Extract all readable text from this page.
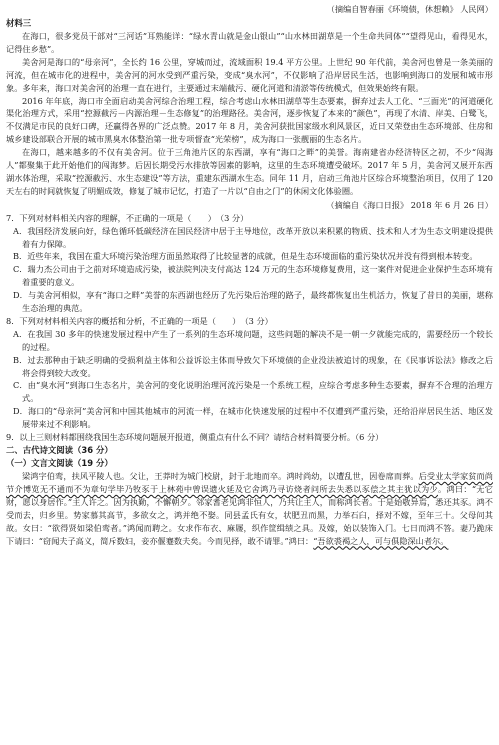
（摘编自智春丽《环境债，休想赖》 人民网）

材料三

在海口，很多党员干部对“三河话”耳熟能详：“绿水青山就是金山银山”“山水林田湖草是一个生命共同体”“望得见山，看得见水，记得住乡愁”。

美舍河是海口的“母亲河”，全长约 16 公里，穿城而过，流域面积 19.4 平方公里。上世纪 90 年代前，美舍河也曾是一条美丽的河流，但在城市化的进程中，美舍河的河水受到严重污染，变成“臭水河”，不仅影响了沿岸居民生活，也影响到海口的发展和城市形象。多年来，海口对美舍河的治理一直在进行，主要通过末端截污、硬化河道和清淤等传统模式，但效果始终有限。

2016 年年底，海口市全面启动美舍河综合治理工程，综合考虑山水林田湖草等生态要素，摒弃过去人工化、“三面光”的河道硬化 渠化治理方式，采用“控源截污－内源治理－生态修复”的治理路径。美舍河，逐步恢复了本来的“颜色”，再现了水清、岸美、白鹭飞，不仅满足市民的良好口碑，还赢得各界的广泛点赞。2017 年 8 月，美舍河获批国家级水利风景区，近日又荣登由生态环境部、住房和城乡建设部联合开展的城市黑臭水体整治第一批专项督查“光荣榜”，成为海口一张靓丽的生态名片。

在海口，越来越多的不仅有美舍河。位于三角池片区的东西湖，享有“海口之畔”的美誉。海南建省办经济特区之初，不少“闯海人”都聚集于此开始他们的闯海梦。后因长期受污水排放等因素的影响，这里的生态环境遭受破坏。2017 年 5 月，美舍河又展开东西湖水体治理，采取“控源截污、水生态建设”等方法，重建东西湖水生态。同年 11 月，启动三角池片区综合环境整治项目，仅用了 120 天左右的时间就恢复了明媚成效，修复了城市记忆，打造了一片以“自由之门”的休闲文化体验圈。

（摘编自《海口日报》 2018 年 6 月 26 日）

7．下列对材料相关内容的理解，不正确的一项是（　　）　（3 分）

A．我国经济发展向好，绿色循环低碳经济在国民经济中居于主导地位，改革开放以来积累的物质、技术和人才为生态文明建设提供着有力保障。

B．近些年来，我国在重大环境污染治理方面虽然取得了比较显著的成就，但是生态环境面临的重污染状况并没有得到根本转变。

C．瑞力杰公司由于之前对环境造成污染，被法院判决支付高达 124 万元的生态环境修复费用，这一案件对促进企业保护生态环境有着重要的意义。

D．与美舍河相似，享有“海口之畔”美誉的东西湖也经历了先污染后治理的路子，最终都恢复出生机活力，恢复了昔日的美丽，堪称生态治理的典范。

8．下列对材料相关内容的概括和分析，不正确的一项是（　　）　（3 分）

A．在我国 30 多年的快速发展过程中产生了一系列的生态环境问题，这些问题的解决不是一朝一夕就能完成的，需要经历一个较长的过程。

B．过去那种由于缺乏明确的受损利益主体和公益诉讼主体而导致欠下环境债的企业没法被追讨的现象，在《民事诉讼法》修改之后将会得到较大改变。

C．由“臭水河”到海口生态名片，美舍河的变化说明治理河流污染是一个系统工程，应综合考虑多种生态要素，摒弃不合理的治理方式。

D．海口的“母亲河”美舍河和中国其他城市的河流一样，在城市化快速发展的过程中不仅遭到严重污染，还给沿岸居民生活、地区发展带来过不利影响。

9．以上三则材料都围绕我国生态环境问题展开报道，侧重点有什么不同？请结合材料简要分析。（6 分）

二、古代诗文阅读（36 分）

（一）文言文阅读（19 分）

梁鸿字伯鸾，扶风平陵人也。父让，王莽时为城门校尉，封于北地而卒。鸿时尚幼，以遭乱世，因卷席而葬。后受业太学家贫而尚节介博览无不通而不为章句学毕乃牧豕于上林苑中曾误遗火延及它舍鸿乃寻访烧者问所去失悉以豕偿之其主犹以为少。鸿曰：“无它财，愿以身居作。”主人许之。因为执勤，不懈朝夕。邻家耆老见鸿非恒人，乃共让主人，而称鸿长者。于是始敬异焉，悉还其豕。鸿不受而去，归乡里。势家慕其高节，多欲女之，鸿并绝不娶。同县孟氏有女，状肥丑而黑，力举石臼，择对不嫁，至年三十。父母问其故。女曰：“欲得贤如梁伯鸾者。”鸿闻而聘之。女求作布衣、麻屦，织作筐缉绩之具。及嫁，始以装饰入门。七日而鸿不答。妻乃跪床下请曰：“窃闻夫子高义，简斥数妇，妾亦偃蹇数夫矣。今而见择，敢不请罪。”鸿曰：“吾欲裘褐之人，可与俱隐深山者尔。
